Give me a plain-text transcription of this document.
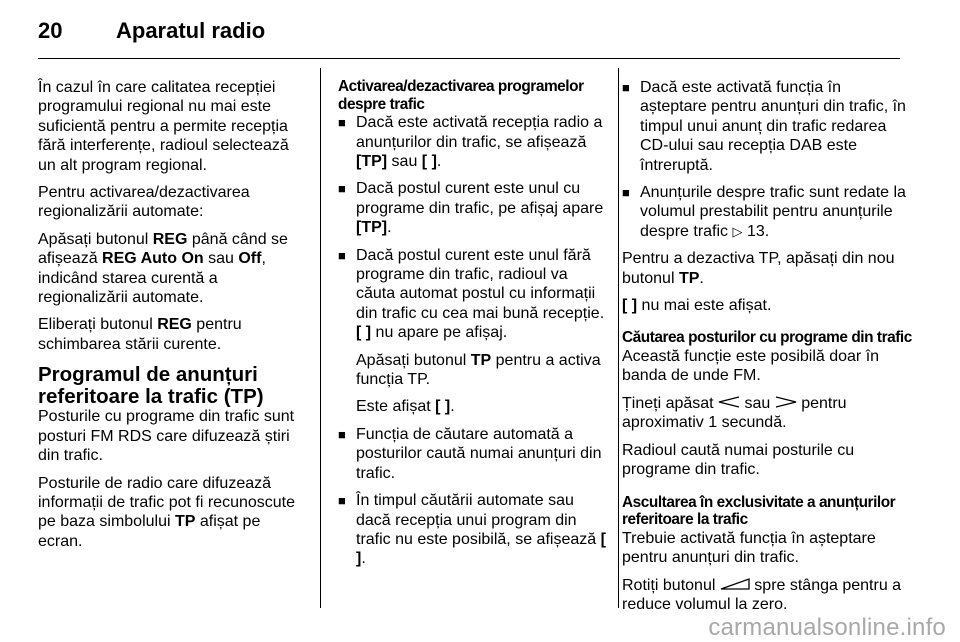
20 Aparatul radio

În cazul în care calitatea recepției programului regional nu mai este suficientă pentru a permite recepția fără interferențe, radioul selectează un alt program regional.

Pentru activarea/dezactivarea regionalizării automate:

Apăsați butonul REG până când se afișează REG Auto On sau Off, indicând starea curentă a regionalizării automate.

Eliberați butonul REG pentru schimbarea stării curente.

Programul de anunțuri referitoare la trafic (TP)

Posturile cu programe din trafic sunt posturi FM RDS care difuzează știri din trafic.

Posturile de radio care difuzează informații de trafic pot fi recunoscute pe baza simbolului TP afișat pe ecran.

Activarea/dezactivarea programelor despre trafic
■ Dacă este activată recepția radio a anunțurilor din trafic, se afișează [TP] sau [ ].
■ Dacă postul curent este unul cu programe din trafic, pe afișaj apare [TP].
■ Dacă postul curent este unul fără programe din trafic, radioul va căuta automat postul cu informații din trafic cu cea mai bună recepție.

[ ] nu apare pe afișaj.

Apăsați butonul TP pentru a activa funcția TP.

Este afișat [ ].

■ Funcția de căutare automată a posturilor caută numai anunțuri din trafic.
■ În timpul căutării automate sau dacă recepția unui program din trafic nu este posibilă, se afișează [ ].
■ Dacă este activată funcția în așteptare pentru anunțuri din trafic, în timpul unui anunț din trafic redarea CD-ului sau recepția DAB este întreruptă.
■ Anunțurile despre trafic sunt redate la volumul prestabilit pentru anunțurile despre trafic ▷ 13.

Pentru a dezactiva TP, apăsați din nou butonul TP.

[ ] nu mai este afișat.

Căutarea posturilor cu programe din trafic

Această funcție este posibilă doar în banda de unde FM.

Țineți apăsat  sau  pentru aproximativ 1 secundă.

Radioul caută numai posturile cu programe din trafic.

Ascultarea în exclusivitate a anunțurilor referitoare la trafic

Trebuie activată funcția în așteptare pentru anunțuri din trafic.

Rotiți butonul  spre stânga pentru a reduce volumul la zero.

carmanualsonline.info
